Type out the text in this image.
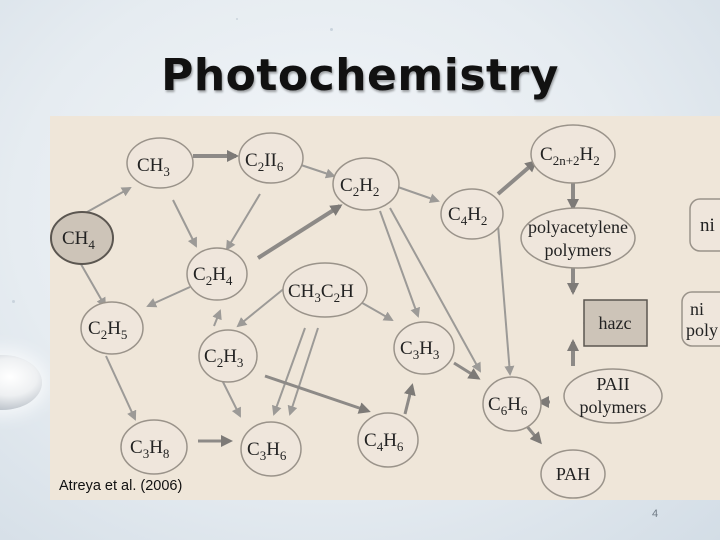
Photochemistry
$CH_3$
$C_2II_6$
$C_2H_2$
$C_4H_2$
$C_{2n+2}H_2$
$CH_4$
polyacetylene
polymers
ni
$C_2H_4$
$CH_3C_2H$
$C_2H_5$
hazc
ni
poly
$C_2H_3$
$C_3H_3$
PAII
polymers
$C_6H_6$
$C_3H_8$	$C_3H_6$
$C_4H_6$
PAH
Atreya et al. (2006)
4
